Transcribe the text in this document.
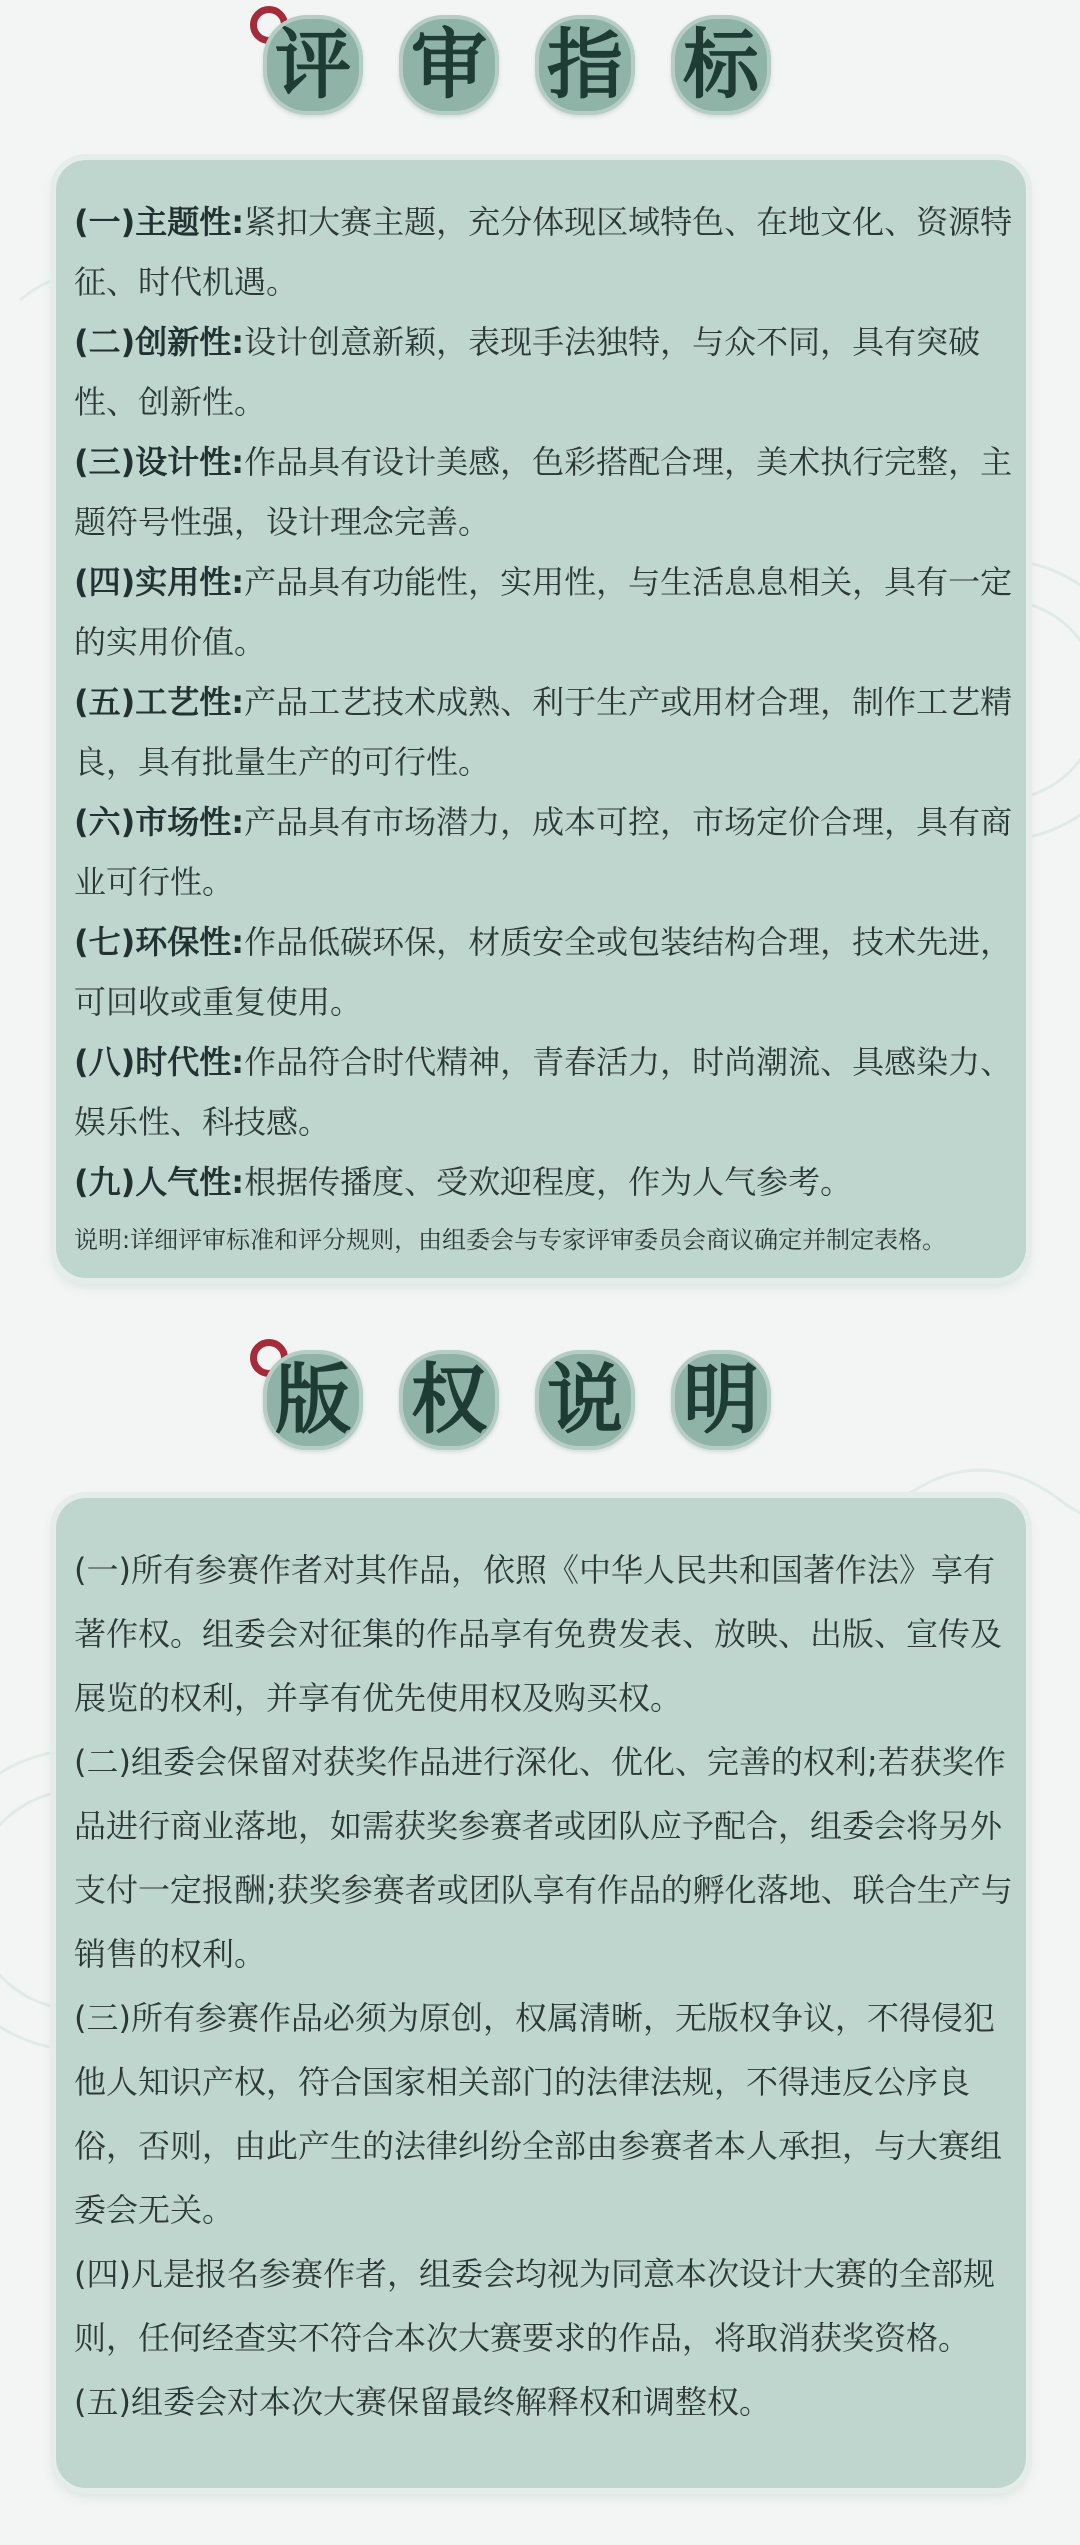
评 审 指 标

(一)主题性:紧扣大赛主题，充分体现区域特色、在地文化、资源特征、时代机遇。

(二)创新性:设计创意新颖，表现手法独特，与众不同，具有突破性、创新性。

(三)设计性:作品具有设计美感，色彩搭配合理，美术执行完整，主题符号性强，设计理念完善。

(四)实用性:产品具有功能性，实用性，与生活息息相关，具有一定的实用价值。

(五)工艺性:产品工艺技术成熟、利于生产或用材合理，制作工艺精良，具有批量生产的可行性。

(六)市场性:产品具有市场潜力，成本可控，市场定价合理，具有商业可行性。

(七)环保性:作品低碳环保，材质安全或包装结构合理，技术先进，可回收或重复使用。

(八)时代性:作品符合时代精神，青春活力，时尚潮流、具感染力、娱乐性、科技感。

(九)人气性:根据传播度、受欢迎程度，作为人气参考。

说明:详细评审标准和评分规则，由组委会与专家评审委员会商议确定并制定表格。
版 权 说 明
(一)所有参赛作者对其作品，依照《中华人民共和国著作法》享有著作权。组委会对征集的作品享有免费发表、放映、出版、宣传及展览的权利，并享有优先使用权及购买权。
(二)组委会保留对获奖作品进行深化、优化、完善的权利;若获奖作品进行商业落地，如需获奖参赛者或团队应予配合，组委会将另外支付一定报酬;获奖参赛者或团队享有作品的孵化落地、联合生产与销售的权利。
(三)所有参赛作品必须为原创，权属清晰，无版权争议，不得侵犯他人知识产权，符合国家相关部门的法律法规，不得违反公序良俗，否则，由此产生的法律纠纷全部由参赛者本人承担，与大赛组委会无关。
(四)凡是报名参赛作者，组委会均视为同意本次设计大赛的全部规则，任何经查实不符合本次大赛要求的作品，将取消获奖资格。
(五)组委会对本次大赛保留最终解释权和调整权。
